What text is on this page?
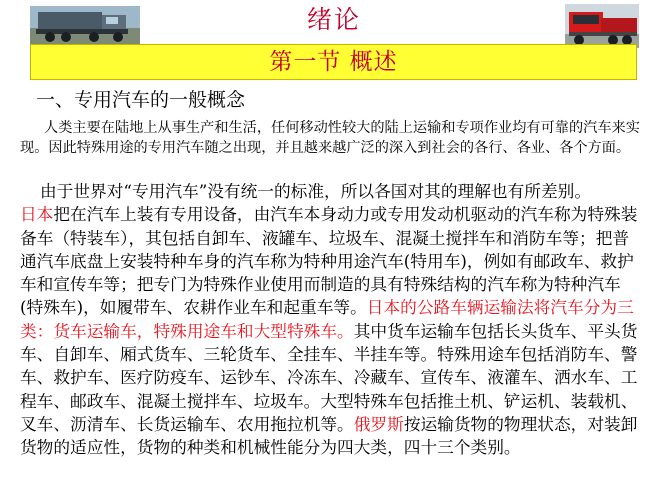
绪论
第一节 概述
一、专用汽车的一般概念

人类主要在陆地上从事生产和生活，任何移动性较大的陆上运输和专项作业均有可靠的汽车来实现。因此特殊用途的专用汽车随之出现，并且越来越广泛的深入到社会的各行、各业、各个方面。

由于世界对“专用汽车”没有统一的标准，所以各国对其的理解也有所差别。
日本把在汽车上装有专用设备，由汽车本身动力或专用发动机驱动的汽车称为特殊装备车（特装车），其包括自卸车、液罐车、垃圾车、混凝土搅拌车和消防车等；把普通汽车底盘上安装特种车身的汽车称为特种用途汽车(特用车)，例如有邮政车、救护车和宣传车等；把专门为特殊作业使用而制造的具有特殊结构的汽车称为特种汽车(特殊车)，如履带车、农耕作业车和起重车等。日本的公路车辆运输法将汽车分为三类：货车运输车，特殊用途车和大型特殊车。其中货车运输车包括长头货车、平头货车、自卸车、厢式货车、三轮货车、全挂车、半挂车等。特殊用途车包括消防车、警车、救护车、医疗防疫车、运钞车、冷冻车、冷藏车、宣传车、液灌车、洒水车、工程车、邮政车、混凝土搅拌车、垃圾车。大型特殊车包括推土机、铲运机、装载机、叉车、沥清车、长货运输车、农用拖拉机等。俄罗斯按运输货物的物理状态，对装卸货物的适应性，货物的种类和机械性能分为四大类，四十三个类别。
